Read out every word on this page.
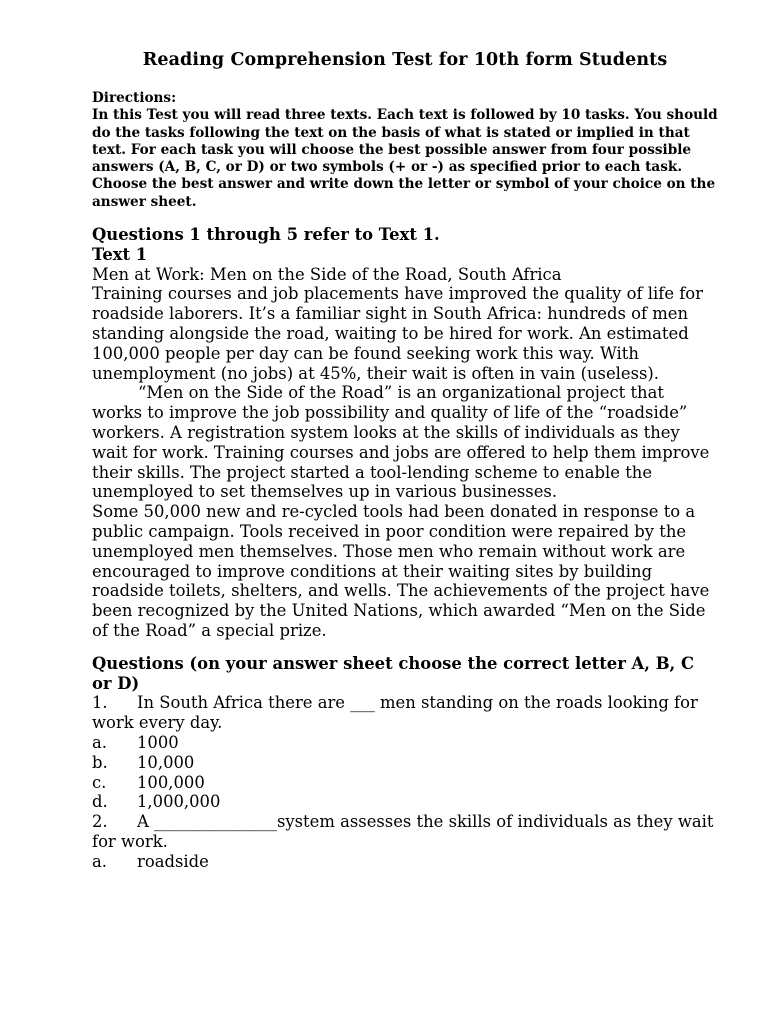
Reading Comprehension Test for 10th form Students

Directions:

In this Test you will read three texts. Each text is followed by 10 tasks. You should do the tasks following the text on the basis of what is stated or implied in that text. For each task you will choose the best possible answer from four possible answers (A, B, C, or D) or two symbols (+ or -) as specified prior to each task. Choose the best answer and write down the letter or symbol of your choice on the answer sheet.

Questions 1 through 5 refer to Text 1.

Text 1

Men at Work: Men on the Side of the Road, South Africa

Training courses and job placements have improved the quality of life for roadside laborers. It’s a familiar sight in South Africa: hundreds of men standing alongside the road, waiting to be hired for work. An estimated 100,000 people per day can be found seeking work this way. With unemployment (no jobs) at 45%, their wait is often in vain (useless).

“Men on the Side of the Road” is an organizational project that works to improve the job possibility and quality of life of the “roadside” workers. A registration system looks at the skills of individuals as they wait for work. Training courses and jobs are offered to help them improve their skills. The project started a tool-lending scheme to enable the unemployed to set themselves up in various businesses.

Some 50,000 new and re-cycled tools had been donated in response to a public campaign. Tools received in poor condition were repaired by the unemployed men themselves. Those men who remain without work are encouraged to improve conditions at their waiting sites by building roadside toilets, shelters, and wells. The achievements of the project have been recognized by the United Nations, which awarded “Men on the Side of the Road” a special prize.

Questions (on your answer sheet choose the correct letter A, B, C or D)

1. In South Africa there are ___ men standing on the roads looking for work every day.

a.	1000
b.	10,000
c.	100,000
d.	1,000,000

2. A _______________system assesses the skills of individuals as they wait for work.

a.	roadside
